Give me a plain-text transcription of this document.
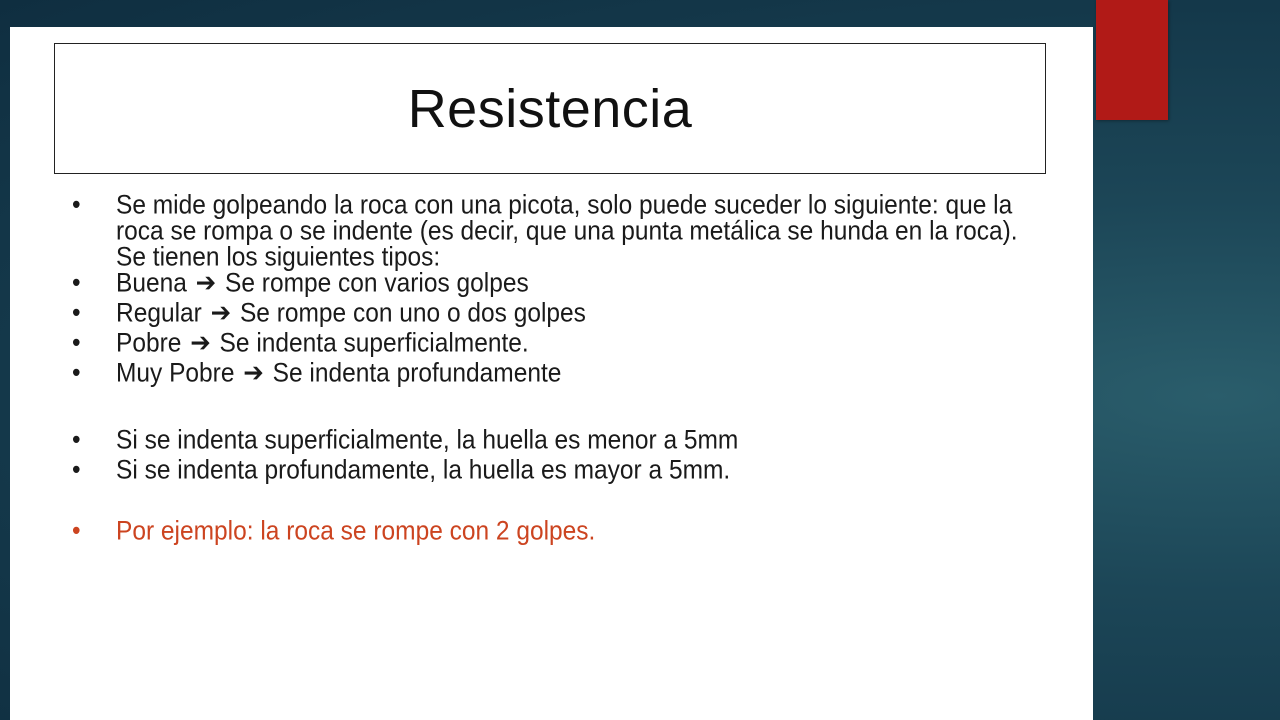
Resistencia
•	Se mide golpeando la roca con una picota, solo puede suceder lo siguiente: que la roca se rompa o se indente (es decir, que una punta metálica se hunda en la roca). Se tienen los siguientes tipos:
•	Buena ➔ Se rompe con varios golpes
•	Regular ➔ Se rompe con uno o dos golpes
•	Pobre ➔ Se indenta superficialmente.
•	Muy Pobre ➔ Se indenta profundamente
•	Si se indenta superficialmente, la huella es menor a 5mm
•	Si se indenta profundamente, la huella es mayor a 5mm.
•	Por ejemplo: la roca se rompe con 2 golpes.
